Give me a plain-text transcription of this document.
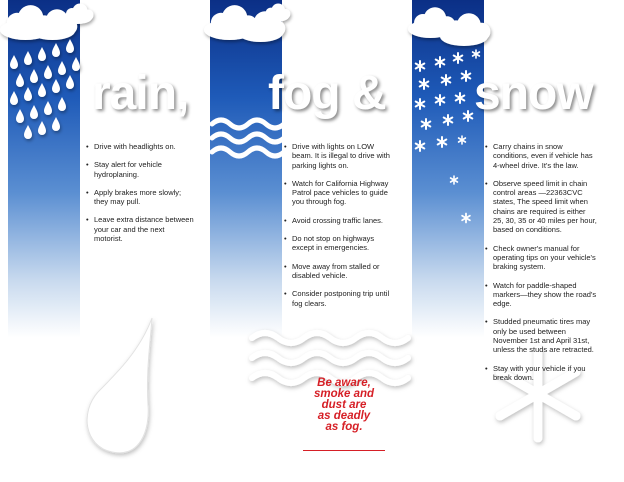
rain, fog & snow
• Drive with headlights on.
• Stay alert for vehicle hydroplaning.
• Apply brakes more slowly; they may pull.
• Leave extra distance between your car and the next motorist.
• Drive with lights on LOW beam. It is illegal to drive with parking lights on.
• Watch for California Highway Patrol pace vehicles to guide you through fog.
• Avoid crossing traffic lanes.
• Do not stop on highways except in emergencies.
• Move away from stalled or disabled vehicle.
• Consider postponing trip until fog clears.
• Carry chains in snow conditions, even if vehicle has 4-wheel drive. It's the law.
• Observe speed limit in chain control areas —22363CVC states, The speed limit when chains are required is either 25, 30, 35 or 40 miles per hour, based on conditions.
• Check owner's manual for operating tips on your vehicle's braking system.
• Watch for paddle-shaped markers—they show the road's edge.
• Studded pneumatic tires may only be used between November 1st and April 31st, unless the studs are retracted.
• Stay with your vehicle if you break down.
Be aware,
smoke and
dust are
as deadly
as fog.
